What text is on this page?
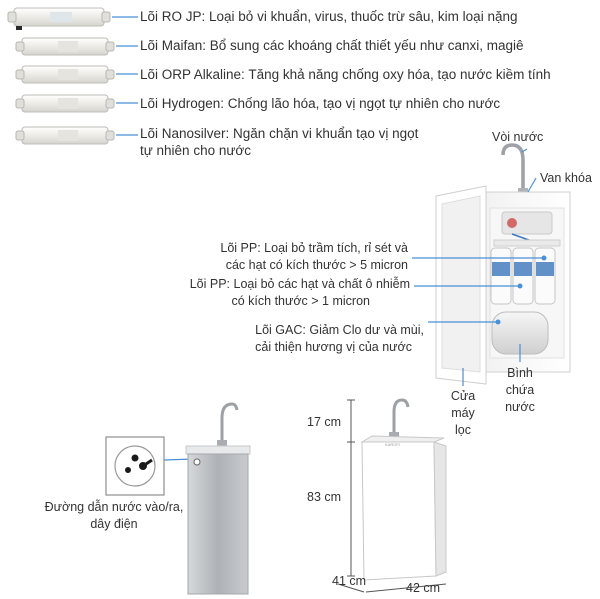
KAROFI
Lõi RO JP: Loại bỏ vi khuẩn, virus, thuốc trừ sâu, kim loại nặng
Lõi Maifan: Bổ sung các khoáng chất thiết yếu như canxi, magiê
Lõi ORP Alkaline: Tăng khả năng chống oxy hóa, tạo nước kiềm tính
Lõi Hydrogen: Chống lão hóa, tạo vị ngọt tự nhiên cho nước
Lõi Nanosilver: Ngăn chặn vi khuẩn tạo vị ngọt
tự nhiên cho nước
Vòi nước
Van khóa
Lõi PP: Loại bỏ trầm tích, rỉ sét và
các hạt có kích thước > 5 micron
Lõi PP: Loại bỏ các hạt và chất ô nhiễm
có kích thước > 1 micron
Lõi GAC: Giảm Clo dư và mùi,
cải thiện hương vị của nước
Bình
chứa
nước
Cửa
máy
lọc
Đường dẫn nước vào/ra,
dây điện
17 cm
83 cm
41 cm	42 cm
